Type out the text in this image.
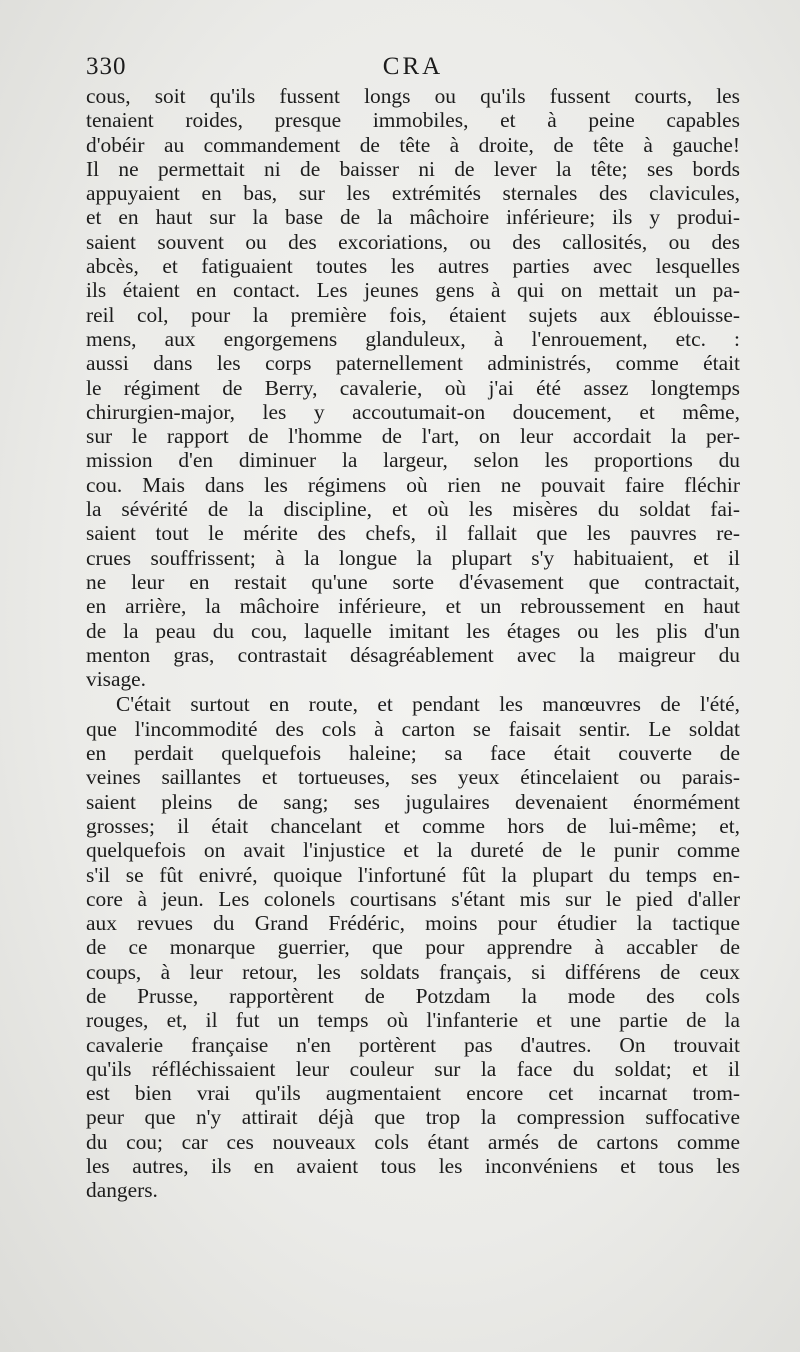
330	CRA
cous, soit qu'ils fussent longs ou qu'ils fussent courts, les
tenaient roides, presque immobiles, et à peine capables
d'obéir au commandement de tête à droite, de tête à gauche!
Il ne permettait ni de baisser ni de lever la tête; ses bords
appuyaient en bas, sur les extrémités sternales des clavicules,
et en haut sur la base de la mâchoire inférieure; ils y produi-
saient souvent ou des excoriations, ou des callosités, ou des
abcès, et fatiguaient toutes les autres parties avec lesquelles
ils étaient en contact. Les jeunes gens à qui on mettait un pa-
reil col, pour la première fois, étaient sujets aux éblouisse-
mens, aux engorgemens glanduleux, à l'enrouement, etc. :
aussi dans les corps paternellement administrés, comme était
le régiment de Berry, cavalerie, où j'ai été assez longtemps
chirurgien-major, les y accoutumait-on doucement, et même,
sur le rapport de l'homme de l'art, on leur accordait la per-
mission d'en diminuer la largeur, selon les proportions du
cou. Mais dans les régimens où rien ne pouvait faire fléchir
la sévérité de la discipline, et où les misères du soldat fai-
saient tout le mérite des chefs, il fallait que les pauvres re-
crues souffrissent; à la longue la plupart s'y habituaient, et il
ne leur en restait qu'une sorte d'évasement que contractait,
en arrière, la mâchoire inférieure, et un rebroussement en haut
de la peau du cou, laquelle imitant les étages ou les plis d'un
menton gras, contrastait désagréablement avec la maigreur du
visage.
C'était surtout en route, et pendant les manœuvres de l'été,
que l'incommodité des cols à carton se faisait sentir. Le soldat
en perdait quelquefois haleine; sa face était couverte de
veines saillantes et tortueuses, ses yeux étincelaient ou parais-
saient pleins de sang; ses jugulaires devenaient énormément
grosses; il était chancelant et comme hors de lui-même; et,
quelquefois on avait l'injustice et la dureté de le punir comme
s'il se fût enivré, quoique l'infortuné fût la plupart du temps en-
core à jeun. Les colonels courtisans s'étant mis sur le pied d'aller
aux revues du Grand Frédéric, moins pour étudier la tactique
de ce monarque guerrier, que pour apprendre à accabler de
coups, à leur retour, les soldats français, si différens de ceux
de Prusse, rapportèrent de Potzdam la mode des cols
rouges, et, il fut un temps où l'infanterie et une partie de la
cavalerie française n'en portèrent pas d'autres. On trouvait
qu'ils réfléchissaient leur couleur sur la face du soldat; et il
est bien vrai qu'ils augmentaient encore cet incarnat trom-
peur que n'y attirait déjà que trop la compression suffocative
du cou; car ces nouveaux cols étant armés de cartons comme
les autres, ils en avaient tous les inconvéniens et tous les
dangers.
